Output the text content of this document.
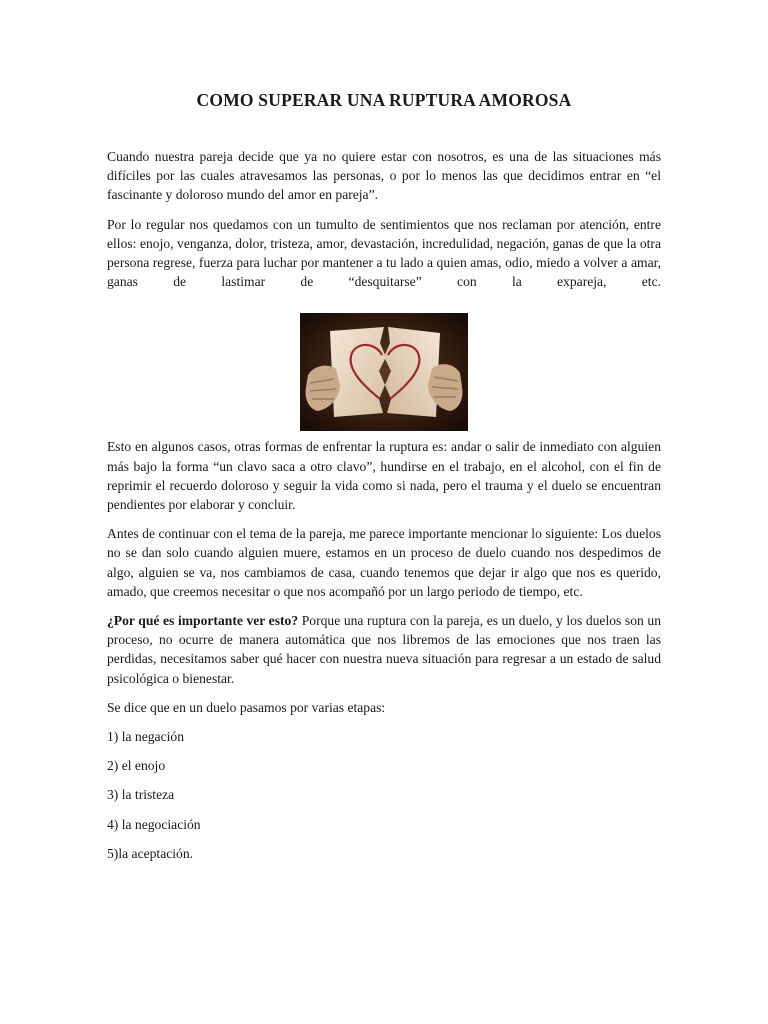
COMO SUPERAR UNA RUPTURA AMOROSA

Cuando nuestra pareja decide que ya no quiere estar con nosotros, es una de las situaciones más difíciles por las cuales atravesamos las personas, o por lo menos las que decidimos entrar en “el fascinante y doloroso mundo del amor en pareja”.

Por lo regular nos quedamos con un tumulto de sentimientos que nos reclaman por atención, entre ellos: enojo, venganza, dolor, tristeza, amor, devastación, incredulidad, negación, ganas de que la otra persona regrese, fuerza para luchar por mantener a tu lado a quien amas, odio, miedo a volver a amar, ganas de lastimar de “desquitarse” con la expareja, etc.

Esto en algunos casos, otras formas de enfrentar la ruptura es: andar o salir de inmediato con alguien más bajo la forma “un clavo saca a otro clavo”, hundirse en el trabajo, en el alcohol, con el fin de reprimir el recuerdo doloroso y seguir la vida como si nada, pero el trauma y el duelo se encuentran pendientes por elaborar y concluir.

Antes de continuar con el tema de la pareja, me parece importante mencionar lo siguiente: Los duelos no se dan solo cuando alguien muere, estamos en un proceso de duelo cuando nos despedimos de algo, alguien se va, nos cambiamos de casa, cuando tenemos que dejar ir algo que nos es querido, amado, que creemos necesitar o que nos acompañó por un largo periodo de tiempo, etc.

¿Por qué es importante ver esto? Porque una ruptura con la pareja, es un duelo, y los duelos son un proceso, no ocurre de manera automática que nos libremos de las emociones que nos traen las perdidas, necesitamos saber qué hacer con nuestra nueva situación para regresar a un estado de salud psicológica o bienestar.

Se dice que en un duelo pasamos por varias etapas:

1) la negación

2) el enojo

3) la tristeza

4) la negociación

5)la aceptación.
